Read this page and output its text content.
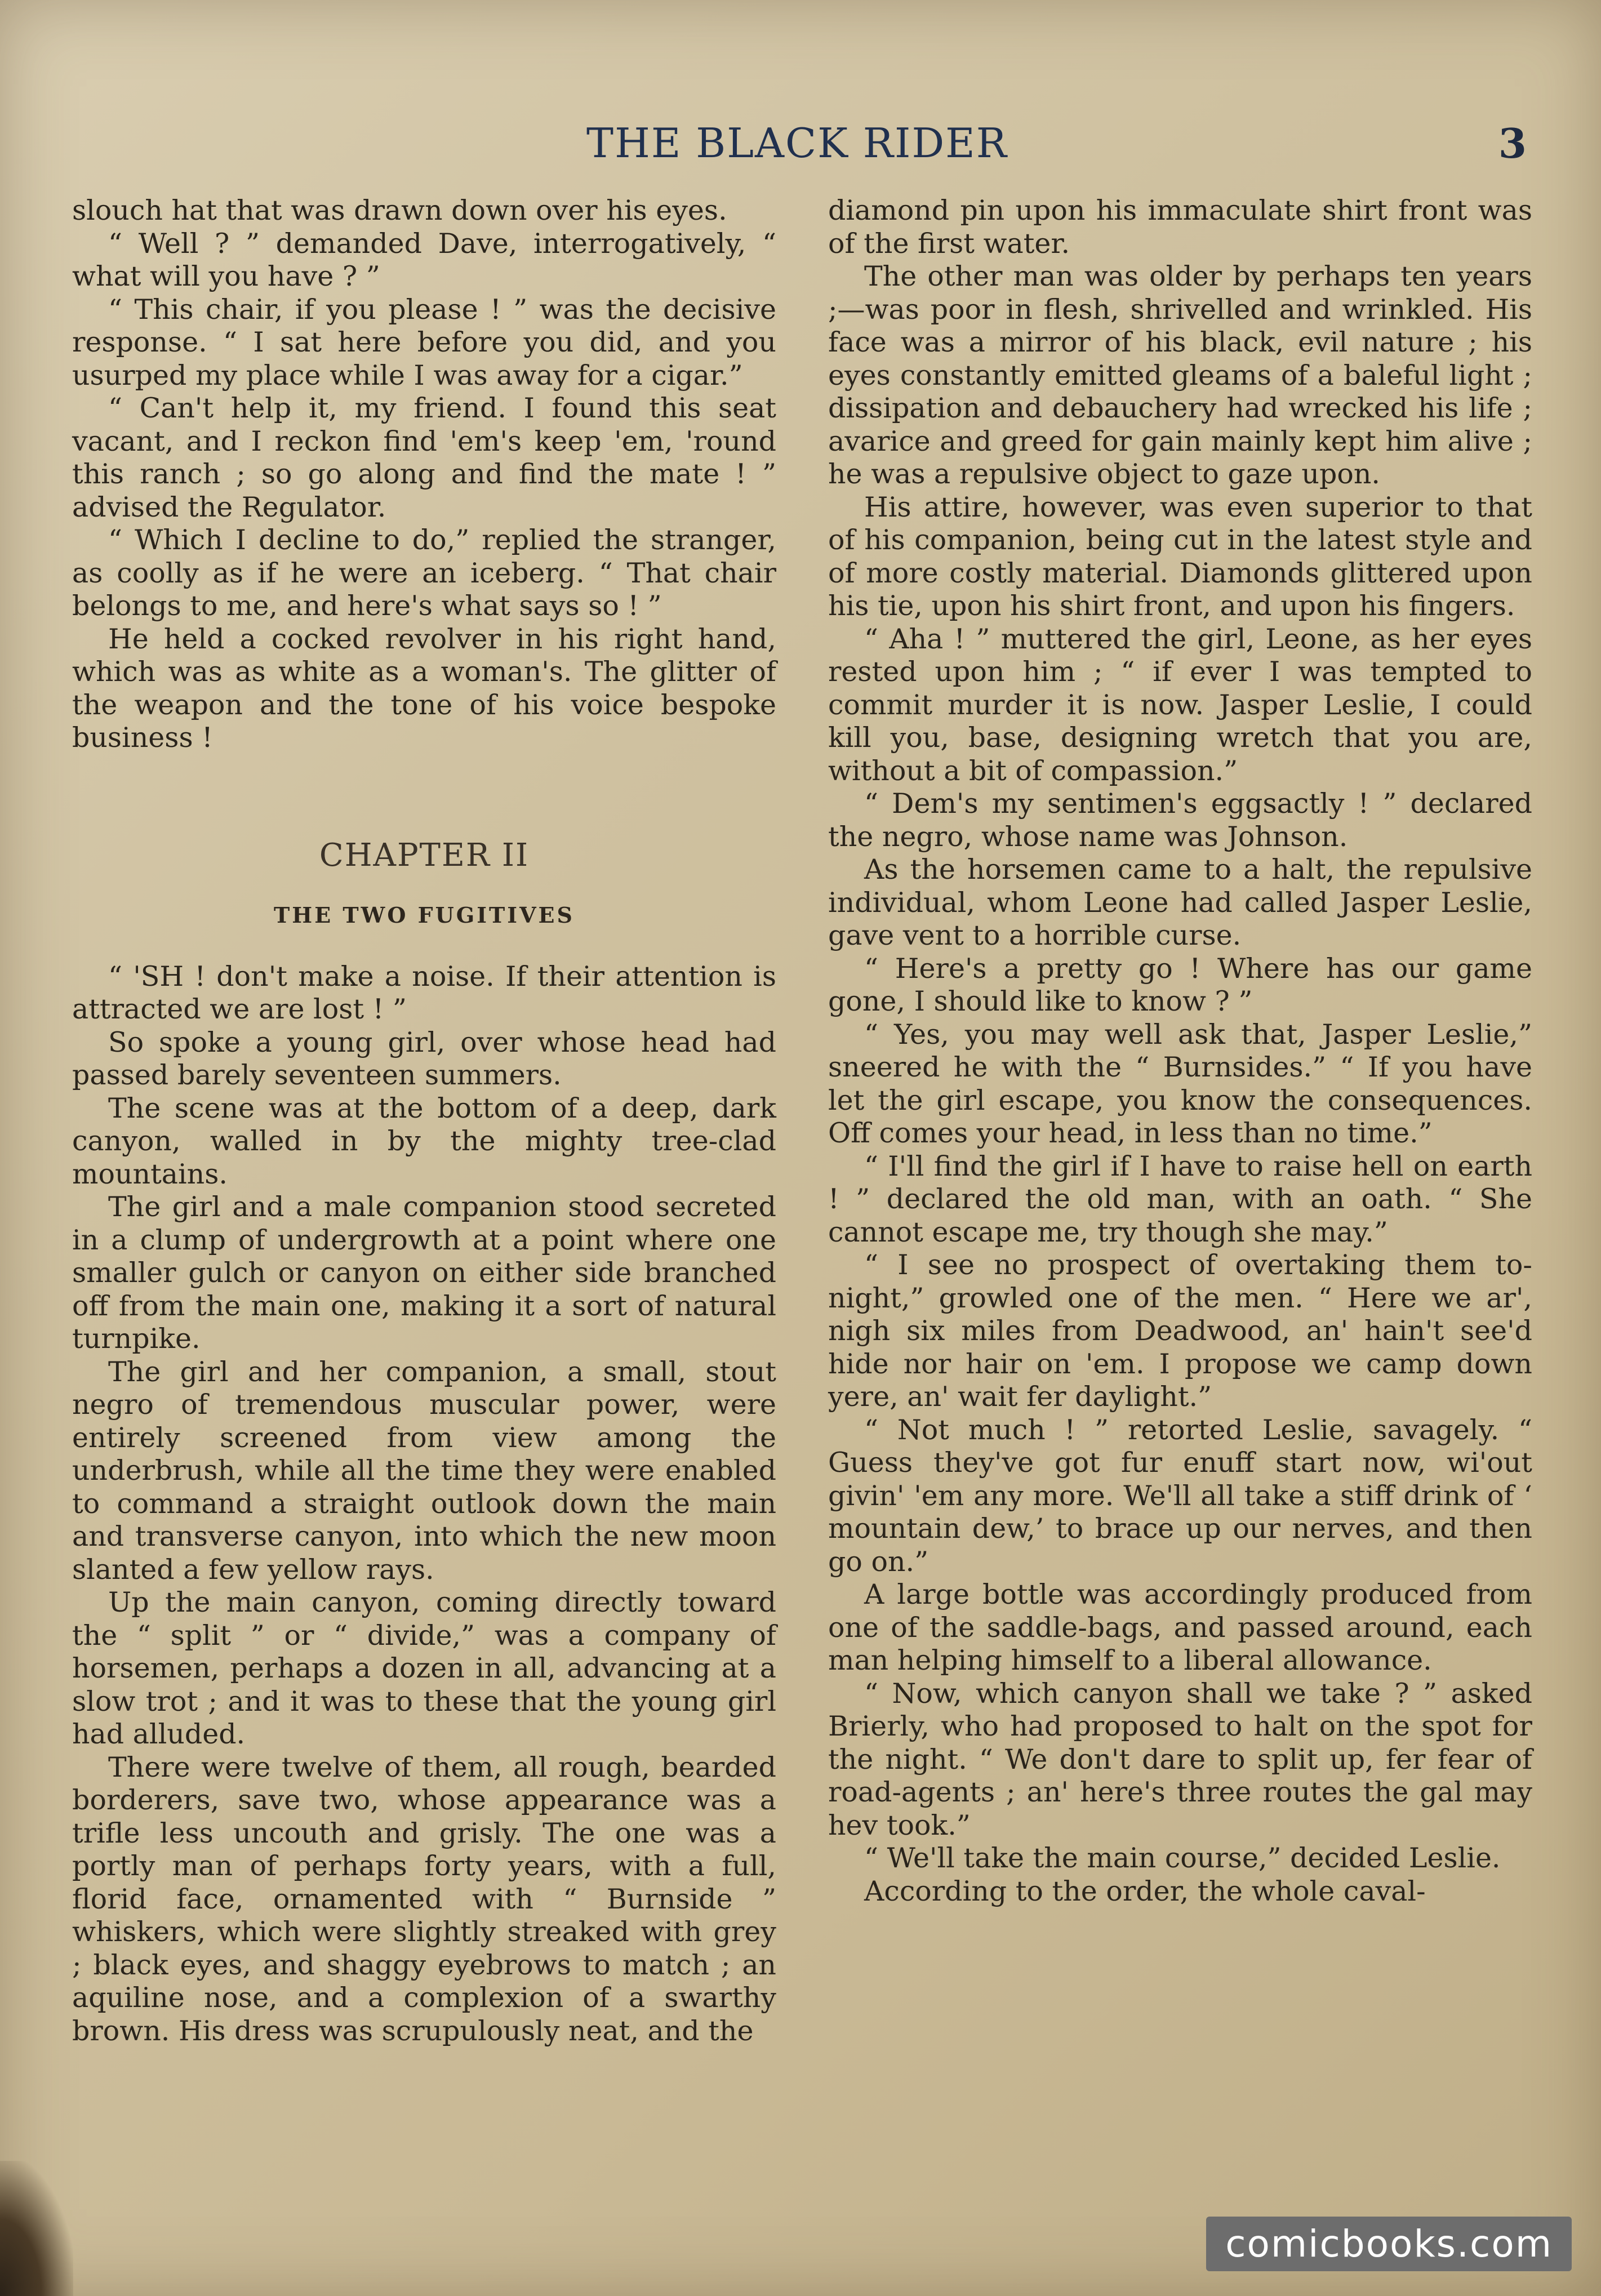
THE BLACK RIDER	3

slouch hat that was drawn down over his eyes.

“ Well ? ” demanded Dave, interrogatively, “ what will you have ? ”

“ This chair, if you please ! ” was the decisive response. “ I sat here before you did, and you usurped my place while I was away for a cigar.”

“ Can't help it, my friend. I found this seat vacant, and I reckon find 'em's keep 'em, 'round this ranch ; so go along and find the mate ! ” advised the Regulator.

“ Which I decline to do,” replied the stranger, as coolly as if he were an iceberg. “ That chair belongs to me, and here's what says so ! ”

He held a cocked revolver in his right hand, which was as white as a woman's. The glitter of the weapon and the tone of his voice bespoke business !

CHAPTER II
THE TWO FUGITIVES

“ 'SH ! don't make a noise. If their attention is attracted we are lost ! ”

So spoke a young girl, over whose head had passed barely seventeen summers.

The scene was at the bottom of a deep, dark canyon, walled in by the mighty tree-clad mountains.

The girl and a male companion stood secreted in a clump of undergrowth at a point where one smaller gulch or canyon on either side branched off from the main one, making it a sort of natural turnpike.

The girl and her companion, a small, stout negro of tremendous muscular power, were entirely screened from view among the underbrush, while all the time they were enabled to command a straight outlook down the main and transverse canyon, into which the new moon slanted a few yellow rays.

Up the main canyon, coming directly toward the “ split ” or “ divide,” was a company of horsemen, perhaps a dozen in all, advancing at a slow trot ; and it was to these that the young girl had alluded.

There were twelve of them, all rough, bearded borderers, save two, whose appearance was a trifle less uncouth and grisly. The one was a portly man of perhaps forty years, with a full, florid face, ornamented with “ Burnside ” whiskers, which were slightly streaked with grey ; black eyes, and shaggy eyebrows to match ; an aquiline nose, and a complexion of a swarthy brown. His dress was scrupulously neat, and the

diamond pin upon his immaculate shirt front was of the first water.

The other man was older by perhaps ten years ;—was poor in flesh, shrivelled and wrinkled. His face was a mirror of his black, evil nature ; his eyes constantly emitted gleams of a baleful light ; dissipation and debauchery had wrecked his life ; avarice and greed for gain mainly kept him alive ; he was a repulsive object to gaze upon.

His attire, however, was even superior to that of his companion, being cut in the latest style and of more costly material. Diamonds glittered upon his tie, upon his shirt front, and upon his fingers.

“ Aha ! ” muttered the girl, Leone, as her eyes rested upon him ; “ if ever I was tempted to commit murder it is now. Jasper Leslie, I could kill you, base, designing wretch that you are, without a bit of compassion.”

“ Dem's my sentimen's eggsactly ! ” declared the negro, whose name was Johnson.

As the horsemen came to a halt, the repulsive individual, whom Leone had called Jasper Leslie, gave vent to a horrible curse.

“ Here's a pretty go ! Where has our game gone, I should like to know ? ”

“ Yes, you may well ask that, Jasper Leslie,” sneered he with the “ Burnsides.” “ If you have let the girl escape, you know the consequences. Off comes your head, in less than no time.”

“ I'll find the girl if I have to raise hell on earth ! ” declared the old man, with an oath. “ She cannot escape me, try though she may.”

“ I see no prospect of overtaking them to-night,” growled one of the men. “ Here we ar', nigh six miles from Deadwood, an' hain't see'd hide nor hair on 'em. I propose we camp down yere, an' wait fer daylight.”

“ Not much ! ” retorted Leslie, savagely. “ Guess they've got fur enuff start now, wi'out givin' 'em any more. We'll all take a stiff drink of ‘ mountain dew,’ to brace up our nerves, and then go on.”

A large bottle was accordingly produced from one of the saddle-bags, and passed around, each man helping himself to a liberal allowance.

“ Now, which canyon shall we take ? ” asked Brierly, who had proposed to halt on the spot for the night. “ We don't dare to split up, fer fear of road-agents ; an' here's three routes the gal may hev took.”

“ We'll take the main course,” decided Leslie.

According to the order, the whole caval-

comicbooks.com
